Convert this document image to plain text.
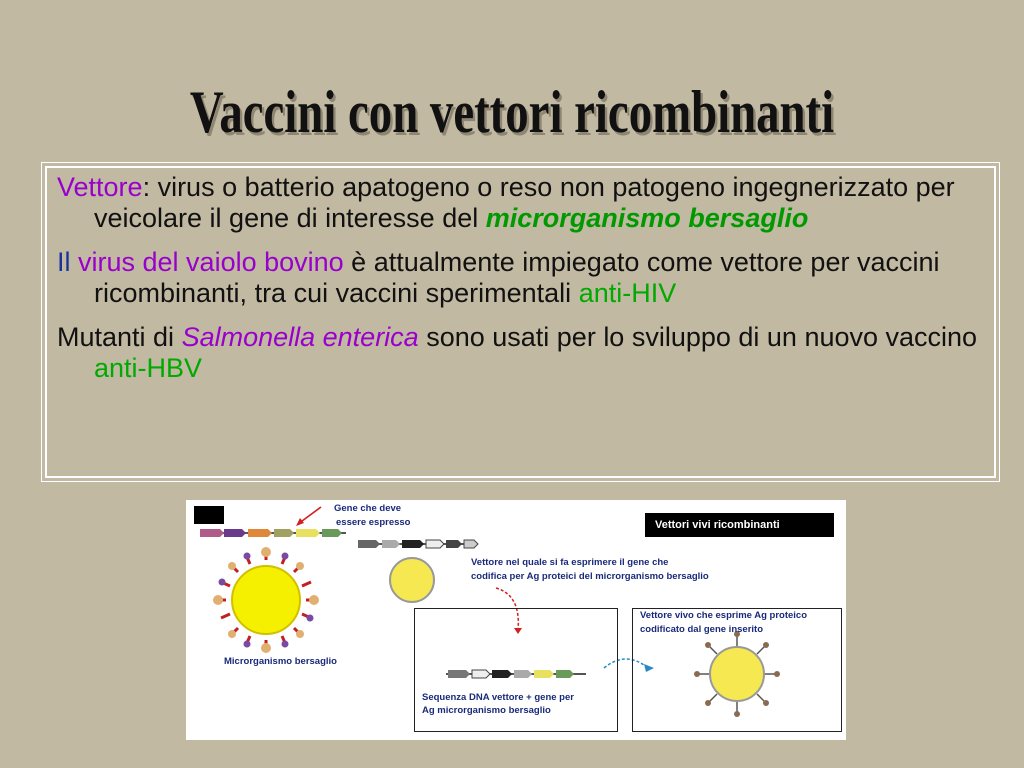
Vaccini con vettori ricombinanti

Vettore: virus o batterio apatogeno o reso non patogeno ingegnerizzato per veicolare il gene di interesse del microrganismo bersaglio

Il virus del vaiolo bovino è attualmente impiegato come vettore per vaccini ricombinanti, tra cui vaccini sperimentali anti-HIV

Mutanti di Salmonella enterica sono usati per lo sviluppo di un nuovo vaccino anti-HBV

Vettori vivi ricombinanti
Gene che deve
essere espresso
Vettore nel quale si fa esprimere il gene che
codifica per Ag proteici del microrganismo bersaglio
Vettore vivo che esprime Ag proteico
codificato dal gene inserito
Microrganismo bersaglio
Sequenza DNA vettore + gene per
Ag microrganismo bersaglio
